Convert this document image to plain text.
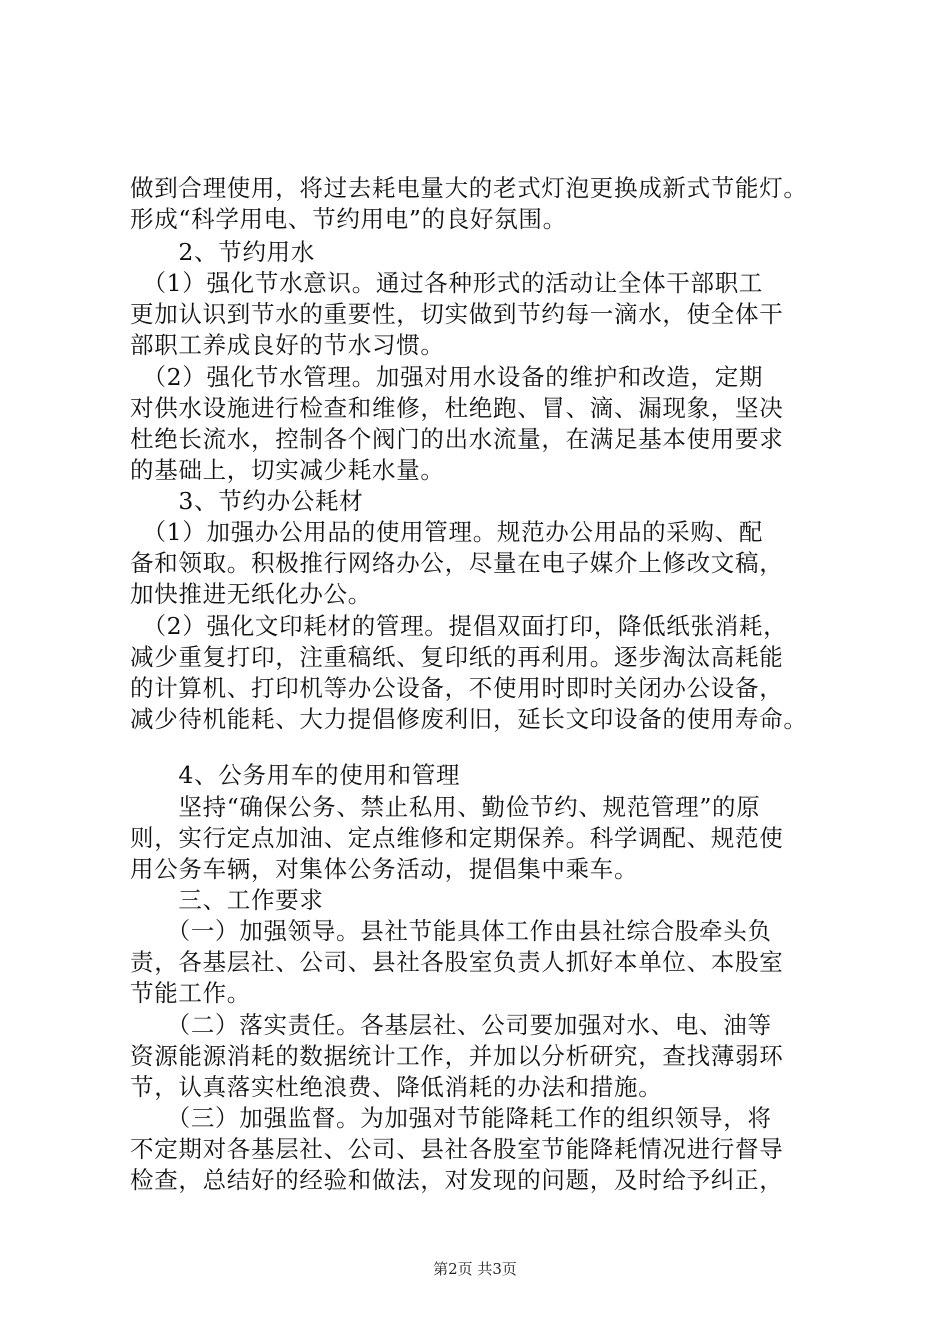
做到合理使用，将过去耗电量大的老式灯泡更换成新式节能灯。
形成“科学用电、节约用电”的良好氛围。
　　2、节约用水
　（1）强化节水意识。通过各种形式的活动让全体干部职工
更加认识到节水的重要性，切实做到节约每一滴水，使全体干
部职工养成良好的节水习惯。
　（2）强化节水管理。加强对用水设备的维护和改造，定期
对供水设施进行检查和维修，杜绝跑、冒、滴、漏现象，坚决
杜绝长流水，控制各个阀门的出水流量，在满足基本使用要求
的基础上，切实减少耗水量。
　　3、节约办公耗材
　（1）加强办公用品的使用管理。规范办公用品的采购、配
备和领取。积极推行网络办公，尽量在电子媒介上修改文稿，
加快推进无纸化办公。
　（2）强化文印耗材的管理。提倡双面打印，降低纸张消耗，
减少重复打印，注重稿纸、复印纸的再利用。逐步淘汰高耗能
的计算机、打印机等办公设备，不使用时即时关闭办公设备，
减少待机能耗、大力提倡修废利旧，延长文印设备的使用寿命。
　　4、公务用车的使用和管理
　　坚持“确保公务、禁止私用、勤俭节约、规范管理”的原
则，实行定点加油、定点维修和定期保养。科学调配、规范使
用公务车辆，对集体公务活动，提倡集中乘车。
　　三、工作要求
　　（一）加强领导。县社节能具体工作由县社综合股牵头负
责，各基层社、公司、县社各股室负责人抓好本单位、本股室
节能工作。
　　（二）落实责任。各基层社、公司要加强对水、电、油等
资源能源消耗的数据统计工作，并加以分析研究，查找薄弱环
节，认真落实杜绝浪费、降低消耗的办法和措施。
　　（三）加强监督。为加强对节能降耗工作的组织领导，将
不定期对各基层社、公司、县社各股室节能降耗情况进行督导
检查，总结好的经验和做法，对发现的问题，及时给予纠正，
第2页 共3页
